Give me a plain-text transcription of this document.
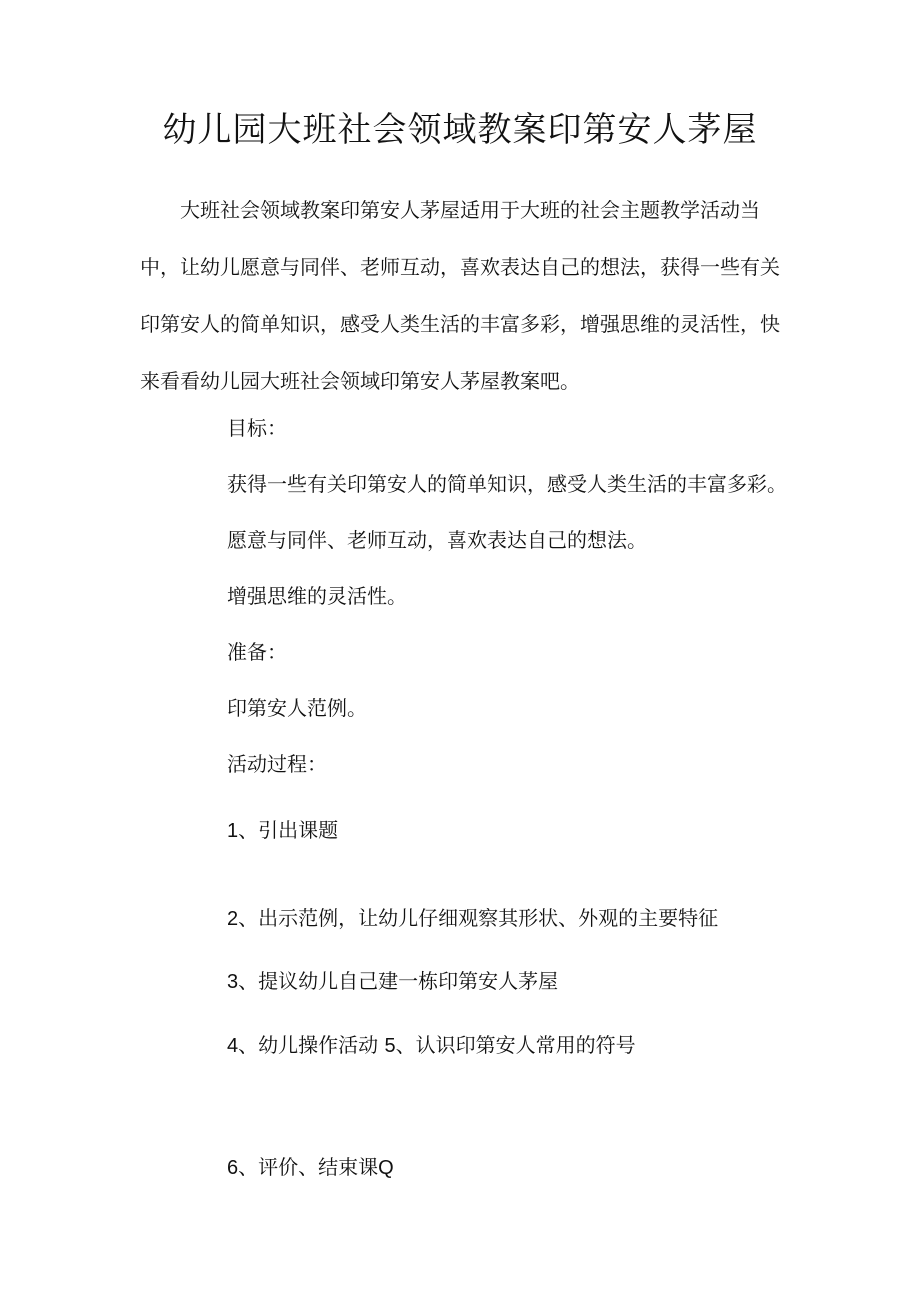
幼儿园大班社会领域教案印第安人茅屋

大班社会领域教案印第安人茅屋适用于大班的社会主题教学活动当中，让幼儿愿意与同伴、老师互动，喜欢表达自己的想法，获得一些有关印第安人的简单知识，感受人类生活的丰富多彩，增强思维的灵活性，快来看看幼儿园大班社会领域印第安人茅屋教案吧。

目标：
获得一些有关印第安人的简单知识，感受人类生活的丰富多彩。
愿意与同伴、老师互动，喜欢表达自己的想法。
增强思维的灵活性。
准备：
印第安人范例。
活动过程：
1、引出课题
2、出示范例，让幼儿仔细观察其形状、外观的主要特征
3、提议幼儿自己建一栋印第安人茅屋
4、幼儿操作活动 5、认识印第安人常用的符号
6、评价、结束课Q
